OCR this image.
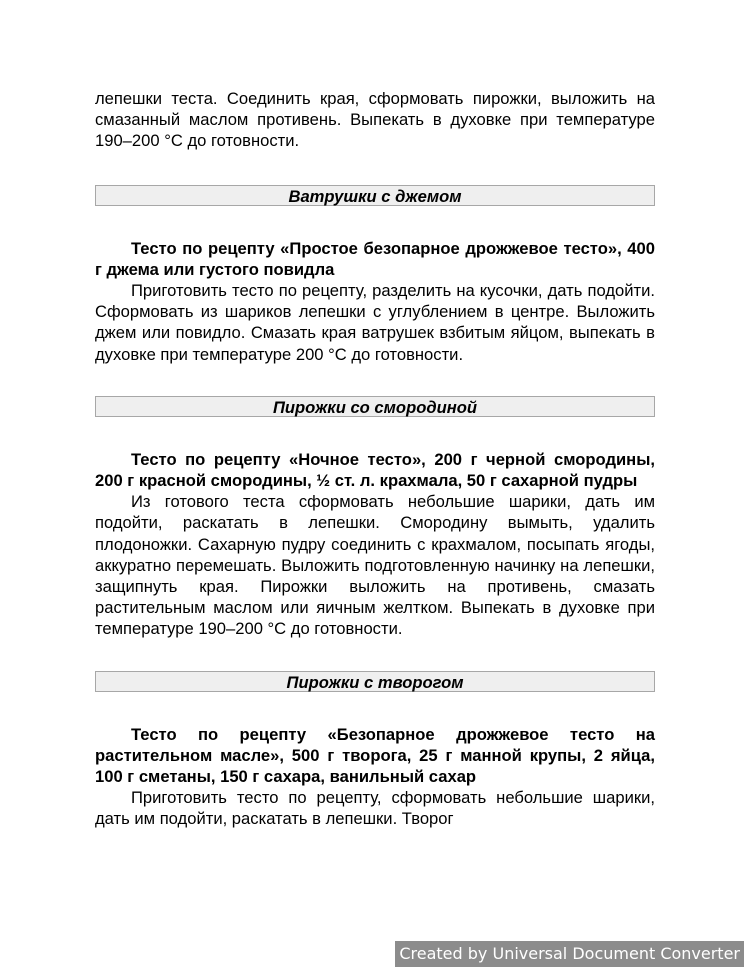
лепешки теста. Соединить края, сформовать пирожки, выложить на смазанный маслом противень. Выпекать в духовке при температуре 190–200 °С до готовности.

Ватрушки с джемом

Тесто по рецепту «Простое безопарное дрожжевое тесто», 400 г джема или густого повидла

Приготовить тесто по рецепту, разделить на кусочки, дать подойти. Сформовать из шариков лепешки с углублением в центре. Выложить джем или повидло. Смазать края ватрушек взбитым яйцом, выпекать в духовке при температуре 200 °С до готовности.

Пирожки со смородиной

Тесто по рецепту «Ночное тесто», 200 г черной смородины, 200 г красной смородины, ½ ст. л. крахмала, 50 г сахарной пудры

Из готового теста сформовать небольшие шарики, дать им подойти, раскатать в лепешки. Смородину вымыть, удалить плодоножки. Сахарную пудру соединить с крахмалом, посыпать ягоды, аккуратно перемешать. Выложить подготовленную начинку на лепешки, защипнуть края. Пирожки выложить на противень, смазать растительным маслом или яичным желтком. Выпекать в духовке при температуре 190–200 °С до готовности.

Пирожки с творогом

Тесто по рецепту «Безопарное дрожжевое тесто на растительном масле», 500 г творога, 25 г манной крупы, 2 яйца, 100 г сметаны, 150 г сахара, ванильный сахар

Приготовить тесто по рецепту, сформовать небольшие шарики, дать им подойти, раскатать в лепешки. Творог

Created by Universal Document Converter
